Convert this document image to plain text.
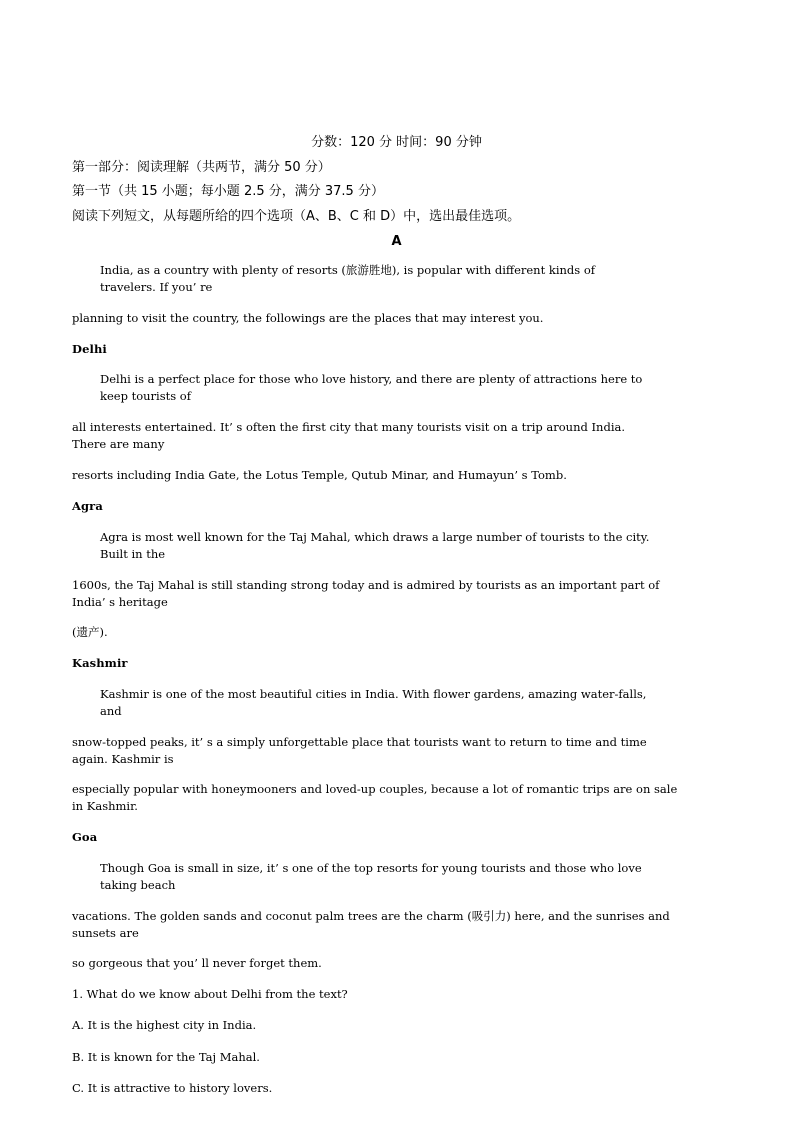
分数：120 分 时间：90 分钟
第一部分：阅读理解（共两节，满分 50 分）
第一节（共 15 小题；每小题 2.5 分，满分 37.5 分）
阅读下列短文，从每题所给的四个选项（A、B、C 和 D）中，选出最佳选项。
A
India, as a country with plenty of resorts (旅游胜地), is popular with different kinds of
travelers. If you’ re
planning to visit the country, the followings are the places that may interest you.
Delhi
Delhi is a perfect place for those who love history, and there are plenty of attractions here to
keep tourists of
all interests entertained. It’ s often the first city that many tourists visit on a trip around India.
There are many
resorts including India Gate, the Lotus Temple, Qutub Minar, and Humayun’ s Tomb.
Agra
Agra is most well known for the Taj Mahal, which draws a large number of tourists to the city.
Built in the
1600s, the Taj Mahal is still standing strong today and is admired by tourists as an important part of
India’ s heritage
(遗产).
Kashmir
Kashmir is one of the most beautiful cities in India. With flower gardens, amazing water-falls,
and
snow-topped peaks, it’ s a simply unforgettable place that tourists want to return to time and time
again. Kashmir is
especially popular with honeymooners and loved-up couples, because a lot of romantic trips are on sale
in Kashmir.
Goa
Though Goa is small in size, it’ s one of the top resorts for young tourists and those who love
taking beach
vacations. The golden sands and coconut palm trees are the charm (吸引力) here, and the sunrises and
sunsets are
so gorgeous that you’ ll never forget them.
1. What do we know about Delhi from the text?
A. It is the highest city in India.
B. It is known for the Taj Mahal.
C. It is attractive to history lovers.
